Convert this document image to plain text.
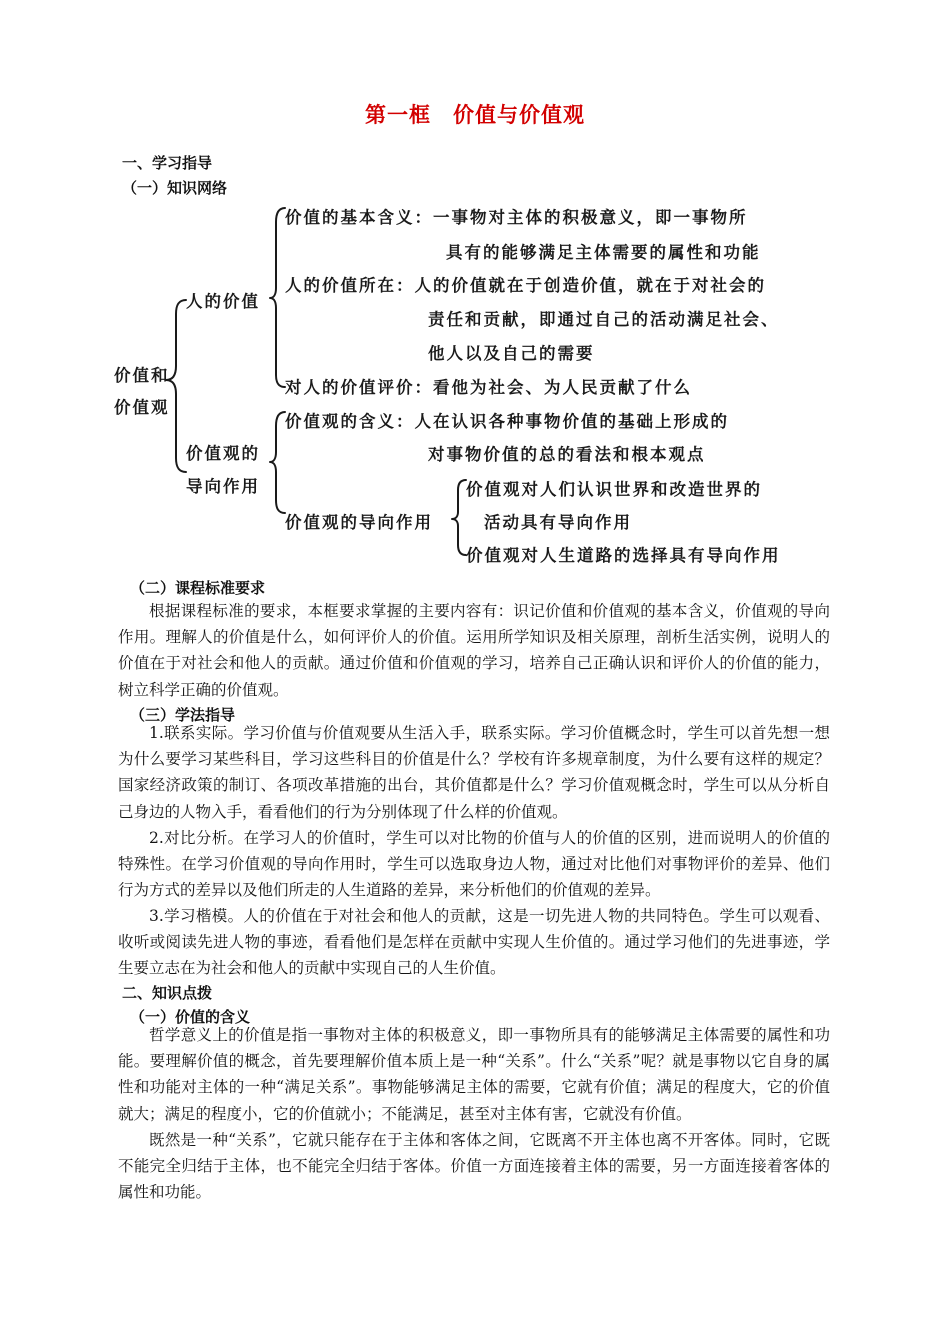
第一框　价值与价值观
一、学习指导
（一）知识网络
价值和
价值观
人的价值
价值的基本含义：一事物对主体的积极意义，即一事物所
具有的能够满足主体需要的属性和功能
人的价值所在：人的价值就在于创造价值，就在于对社会的
责任和贡献，即通过自己的活动满足社会、
他人以及自己的需要
对人的价值评价：看他为社会、为人民贡献了什么
价值观的
导向作用
价值观的含义：人在认识各种事物价值的基础上形成的
对事物价值的总的看法和根本观点
价值观的导向作用
价值观对人们认识世界和改造世界的
活动具有导向作用
价值观对人生道路的选择具有导向作用
（二）课程标准要求

根据课程标准的要求，本框要求掌握的主要内容有：识记价值和价值观的基本含义，价值观的导向作用。理解人的价值是什么，如何评价人的价值。运用所学知识及相关原理，剖析生活实例，说明人的价值在于对社会和他人的贡献。通过价值和价值观的学习，培养自己正确认识和评价人的价值的能力，树立科学正确的价值观。

（三）学法指导

1.联系实际。学习价值与价值观要从生活入手，联系实际。学习价值概念时，学生可以首先想一想为什么要学习某些科目，学习这些科目的价值是什么？学校有许多规章制度，为什么要有这样的规定？国家经济政策的制订、各项改革措施的出台，其价值都是什么？学习价值观概念时，学生可以从分析自己身边的人物入手，看看他们的行为分别体现了什么样的价值观。

2.对比分析。在学习人的价值时，学生可以对比物的价值与人的价值的区别，进而说明人的价值的特殊性。在学习价值观的导向作用时，学生可以选取身边人物，通过对比他们对事物评价的差异、他们行为方式的差异以及他们所走的人生道路的差异，来分析他们的价值观的差异。

3.学习楷模。人的价值在于对社会和他人的贡献，这是一切先进人物的共同特色。学生可以观看、收听或阅读先进人物的事迹，看看他们是怎样在贡献中实现人生价值的。通过学习他们的先进事迹，学生要立志在为社会和他人的贡献中实现自己的人生价值。

二、知识点拨
（一）价值的含义

哲学意义上的价值是指一事物对主体的积极意义，即一事物所具有的能够满足主体需要的属性和功能。要理解价值的概念，首先要理解价值本质上是一种“关系”。什么“关系”呢？就是事物以它自身的属性和功能对主体的一种“满足关系”。事物能够满足主体的需要，它就有价值；满足的程度大，它的价值就大；满足的程度小，它的价值就小；不能满足，甚至对主体有害，它就没有价值。

既然是一种“关系”，它就只能存在于主体和客体之间，它既离不开主体也离不开客体。同时，它既不能完全归结于主体，也不能完全归结于客体。价值一方面连接着主体的需要，另一方面连接着客体的属性和功能。
